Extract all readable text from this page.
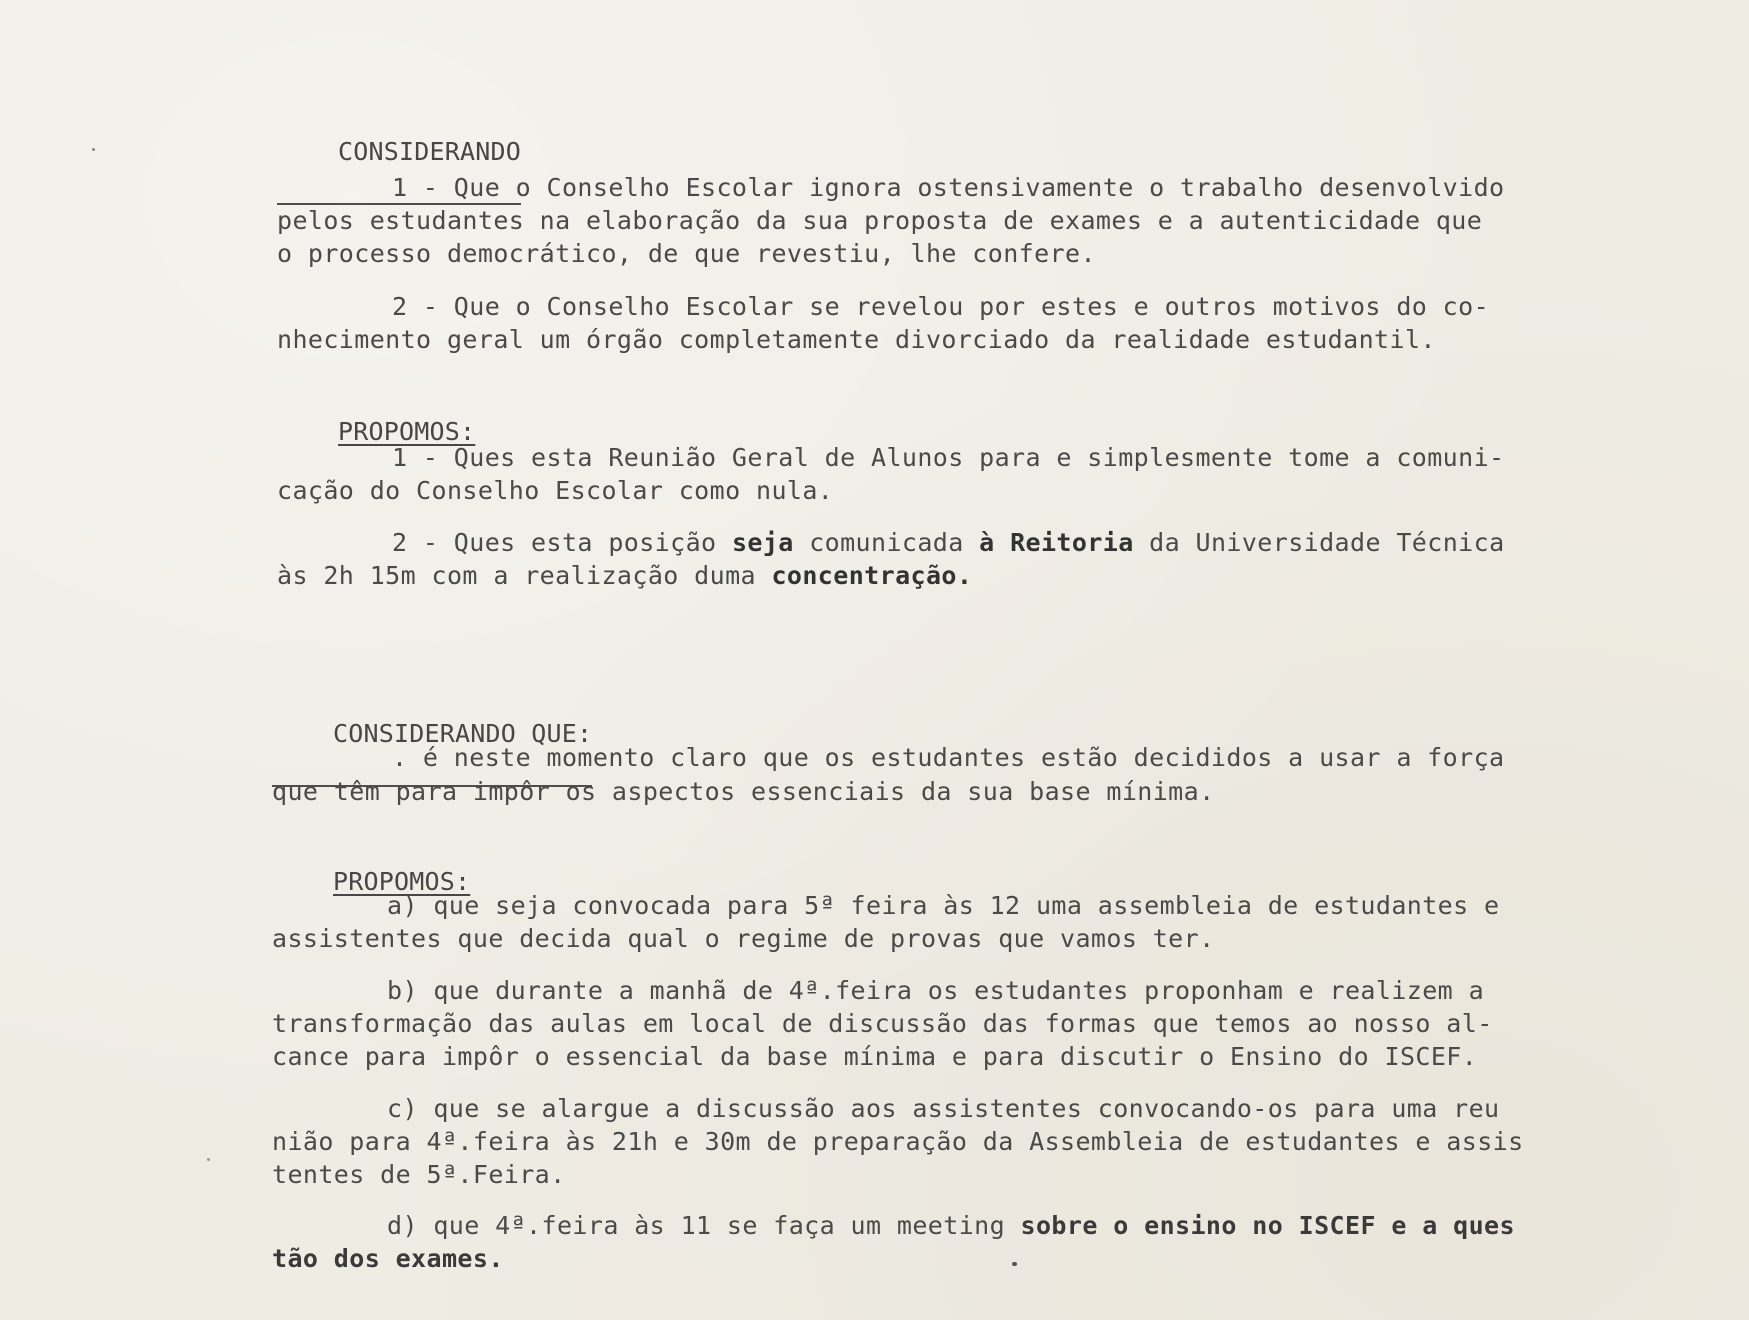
CONSIDERANDO

1 - Que o Conselho Escolar ignora ostensivamente o trabalho desenvolvido
pelos estudantes na elaboração da sua proposta de exames e a autenticidade que
o processo democrático, de que revestiu, lhe confere.
2 - Que o Conselho Escolar se revelou por estes e outros motivos do co-
nhecimento geral um órgão completamente divorciado da realidade estudantil.

PROPOMOS:

1 - Ques esta Reunião Geral de Alunos para e simplesmente tome a comuni-
cação do Conselho Escolar como nula.
2 - Ques esta posição seja comunicada à Reitoria da Universidade Técnica
às 2h 15m com a realização duma concentração.

CONSIDERANDO QUE:

. é neste momento claro que os estudantes estão decididos a usar a força
que têm para impôr os aspectos essenciais da sua base mínima.

PROPOMOS:

a) que seja convocada para 5ª feira às 12 uma assembleia de estudantes e
assistentes que decida qual o regime de provas que vamos ter.
b) que durante a manhã de 4ª.feira os estudantes proponham e realizem a
transformação das aulas em local de discussão das formas que temos ao nosso al-
cance para impôr o essencial da base mínima e para discutir o Ensino do ISCEF.
c) que se alargue a discussão aos assistentes convocando-os para uma reu
nião para 4ª.feira às 21h e 30m de preparação da Assembleia de estudantes e assis
tentes de 5ª.Feira.
d) que 4ª.feira às 11 se faça um meeting sobre o ensino no ISCEF e a ques
tão dos exames.
